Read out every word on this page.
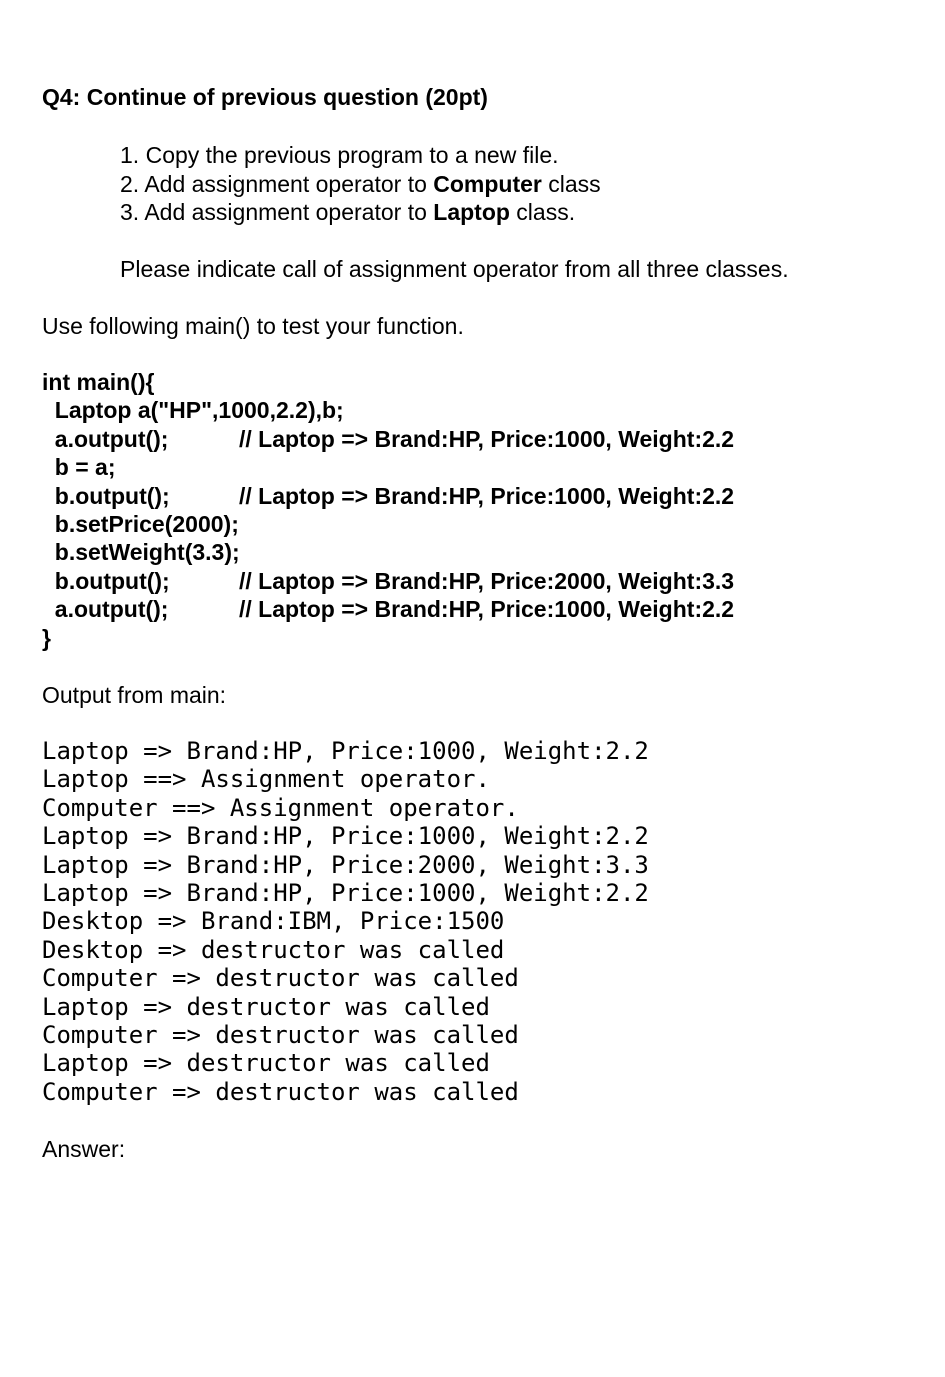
Q4: Continue of previous question (20pt)
1. Copy the previous program to a new file.
2. Add assignment operator to Computer class
3. Add assignment operator to Laptop class.
Please indicate call of assignment operator from all three classes.
Use following main() to test your function.
int main(){
Laptop a("HP",1000,2.2),b;
a.output();	// Laptop => Brand:HP, Price:1000, Weight:2.2
b = a;
b.output();	// Laptop => Brand:HP, Price:1000, Weight:2.2
b.setPrice(2000);
b.setWeight(3.3);
b.output();	// Laptop => Brand:HP, Price:2000, Weight:3.3
a.output();	// Laptop => Brand:HP, Price:1000, Weight:2.2
}
Output from main:
Laptop => Brand:HP, Price:1000, Weight:2.2
Laptop ==> Assignment operator.
Computer ==> Assignment operator.
Laptop => Brand:HP, Price:1000, Weight:2.2
Laptop => Brand:HP, Price:2000, Weight:3.3
Laptop => Brand:HP, Price:1000, Weight:2.2
Desktop => Brand:IBM, Price:1500
Desktop => destructor was called
Computer => destructor was called
Laptop => destructor was called
Computer => destructor was called
Laptop => destructor was called
Computer => destructor was called
Answer:
